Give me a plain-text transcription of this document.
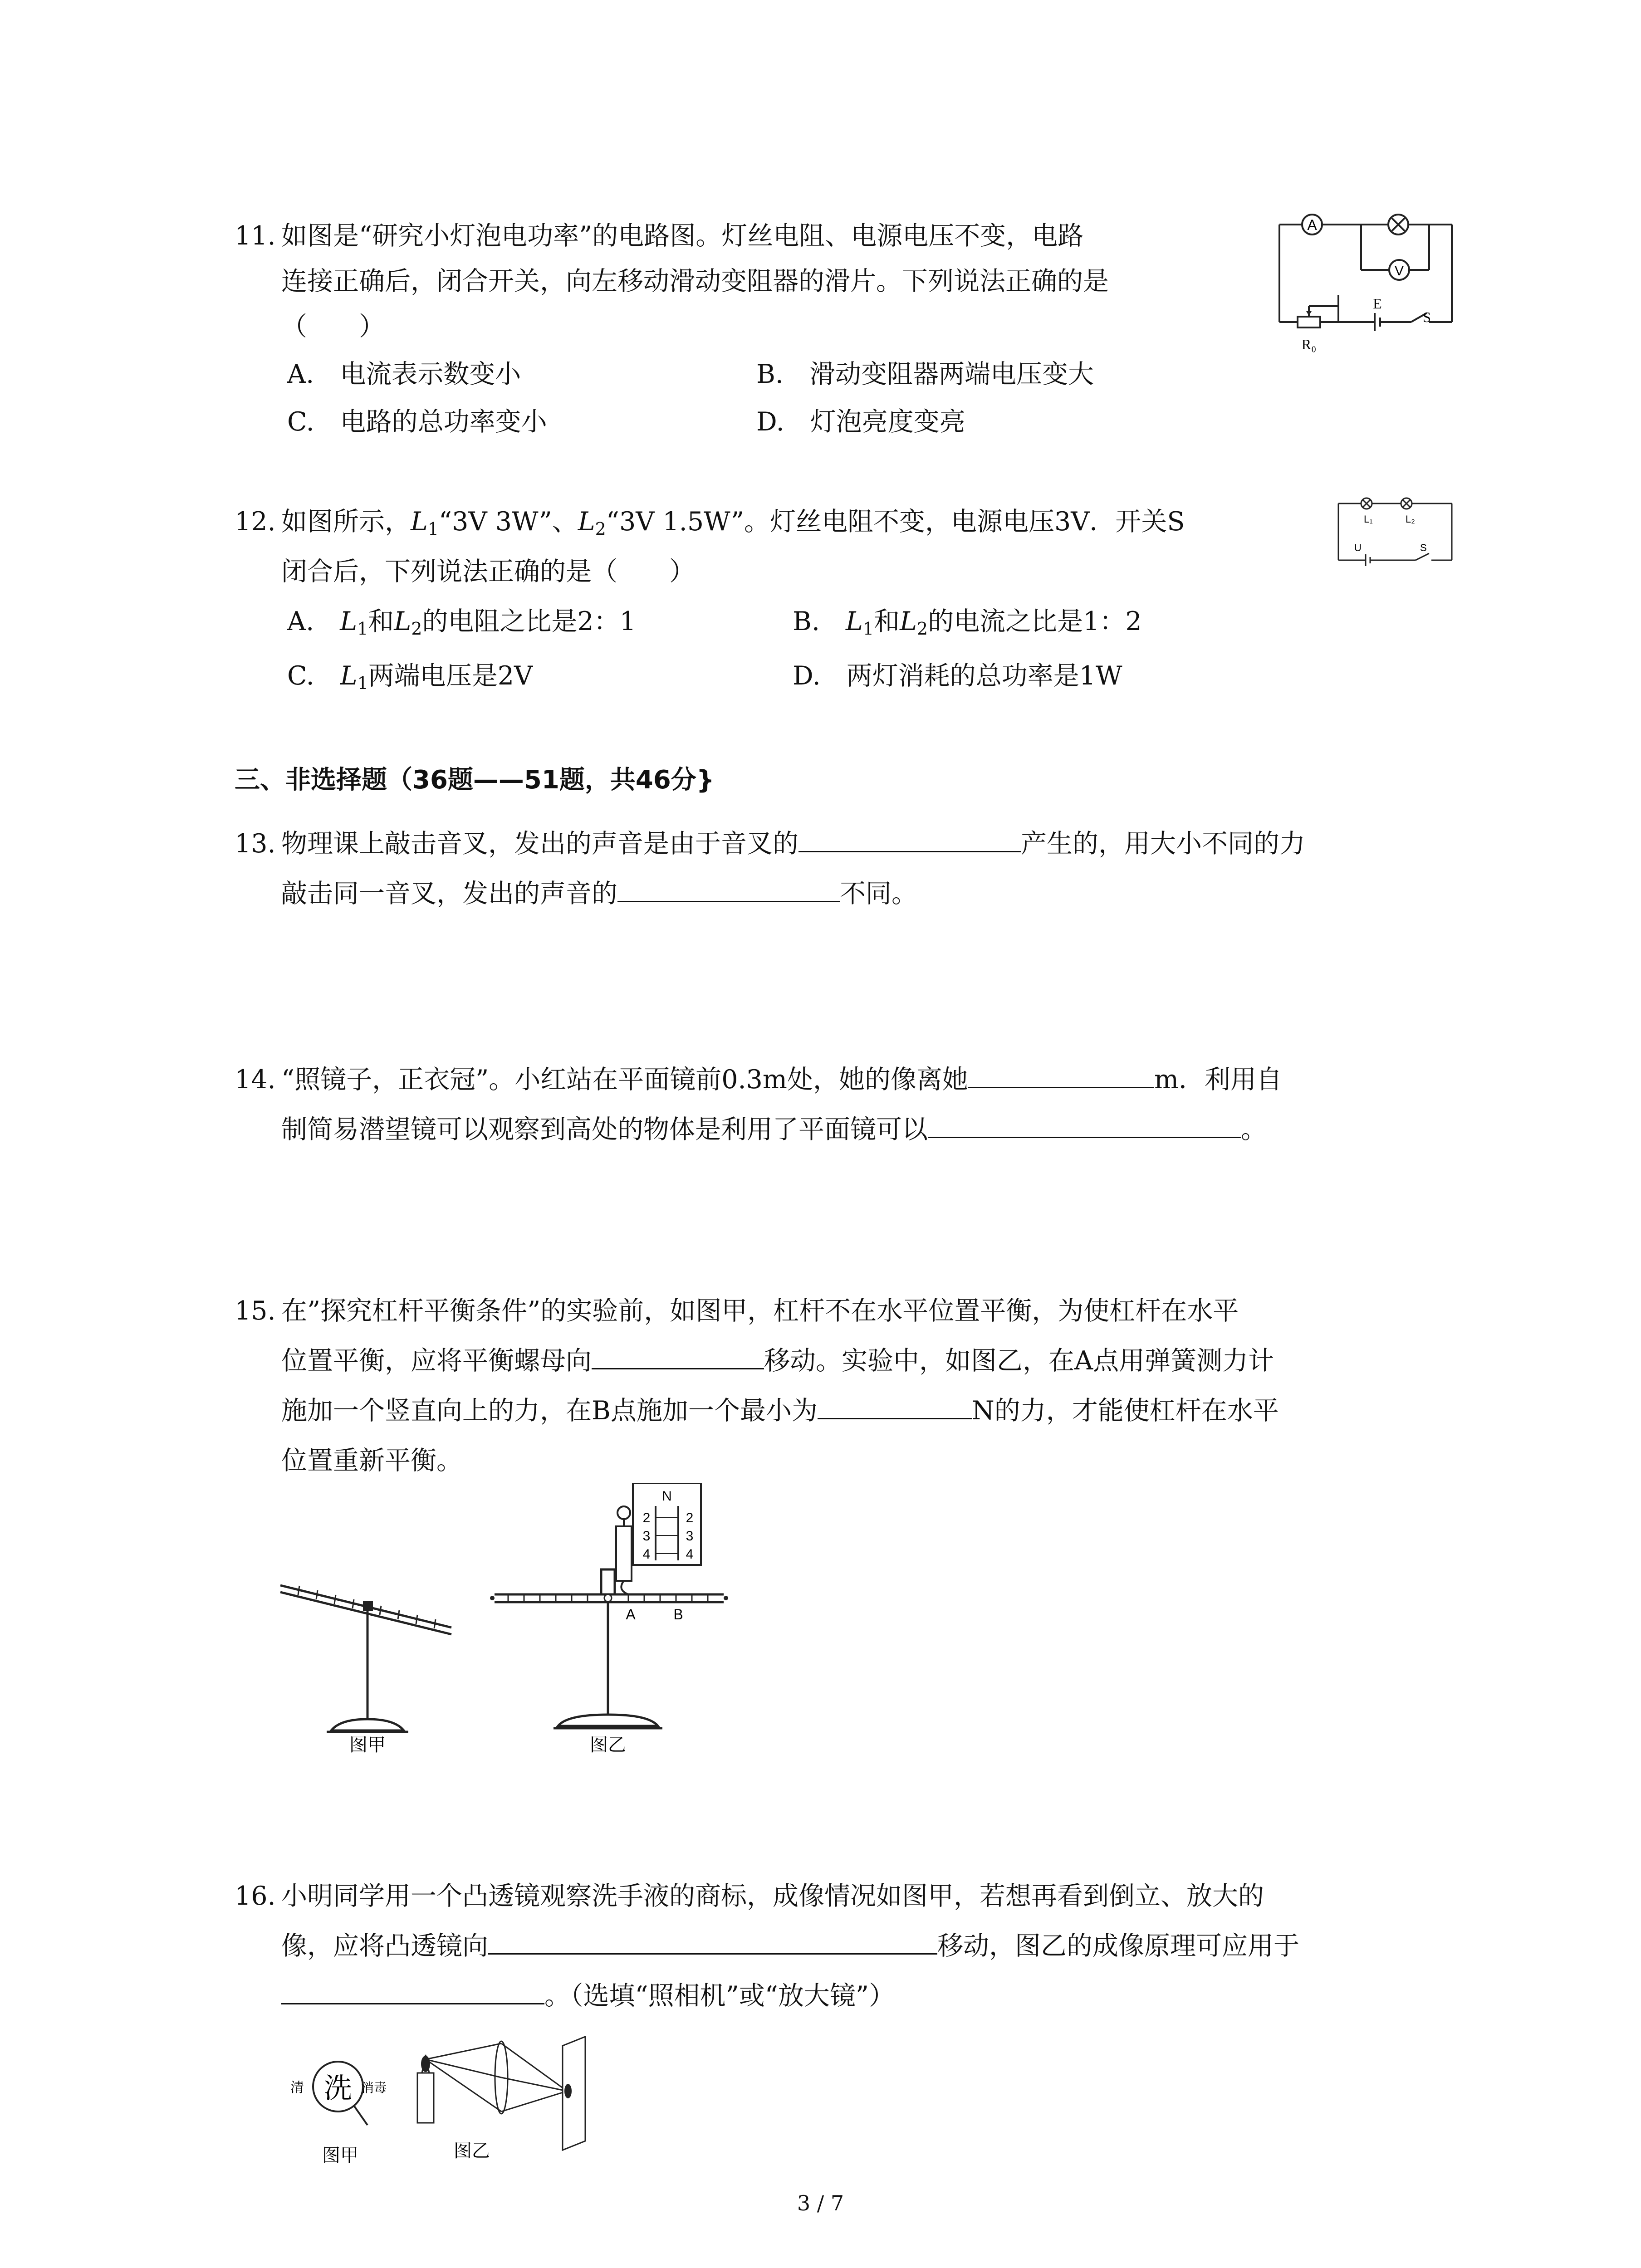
11. 如图是“研究小灯泡电功率”的电路图。灯丝电阻、电源电压不变，电路
连接正确后，闭合开关，向左移动滑动变阻器的滑片。下列说法正确的是
（　　）
A.　电流表示数变小	B.　滑动变阻器两端电压变大
C.　电路的总功率变小	D.　灯泡亮度变亮
A
V
E
S
R₀
12. 如图所示，$L_1“3V$ 3W”、$L_2“3V$ 1.5W”。灯丝电阻不变，电源电压3V．开关S
闭合后，下列说法正确的是（　　）
A.　$L_1$和$L_2$的电阻之比是2：1	B.　$L_1$和$L_2$的电流之比是1：2
C.　$L_1$两端电压是2V	D.　两灯消耗的总功率是1W
L₁	L₂
U	S
三、非选择题（36题——51题，共46分}
13. 物理课上敲击音叉，发出的声音是由于音叉的	产生的，用大小不同的力
敲击同一音叉，发出的声音的	不同。
14. “照镜子，正衣冠”。小红站在平面镜前0.3m处，她的像离她	m．利用自
制简易潜望镜可以观察到高处的物体是利用了平面镜可以	。
15. 在”探究杠杆平衡条件”的实验前，如图甲，杠杆不在水平位置平衡，为使杠杆在水平
位置平衡，应将平衡螺母向	移动。实验中，如图乙，在A点用弹簧测力计
施加一个竖直向上的力，在B点施加一个最小为	N的力，才能使杠杆在水平
位置重新平衡。
图甲
N
2
3
4
2
3
4
A	B
图乙
16. 小明同学用一个凸透镜观察洗手液的商标，成像情况如图甲，若想再看到倒立、放大的
像，应将凸透镜向	移动，图乙的成像原理可应用于
。（选填“照相机”或“放大镜”）
清 洗 消毒
图甲	图乙
3 / 7
